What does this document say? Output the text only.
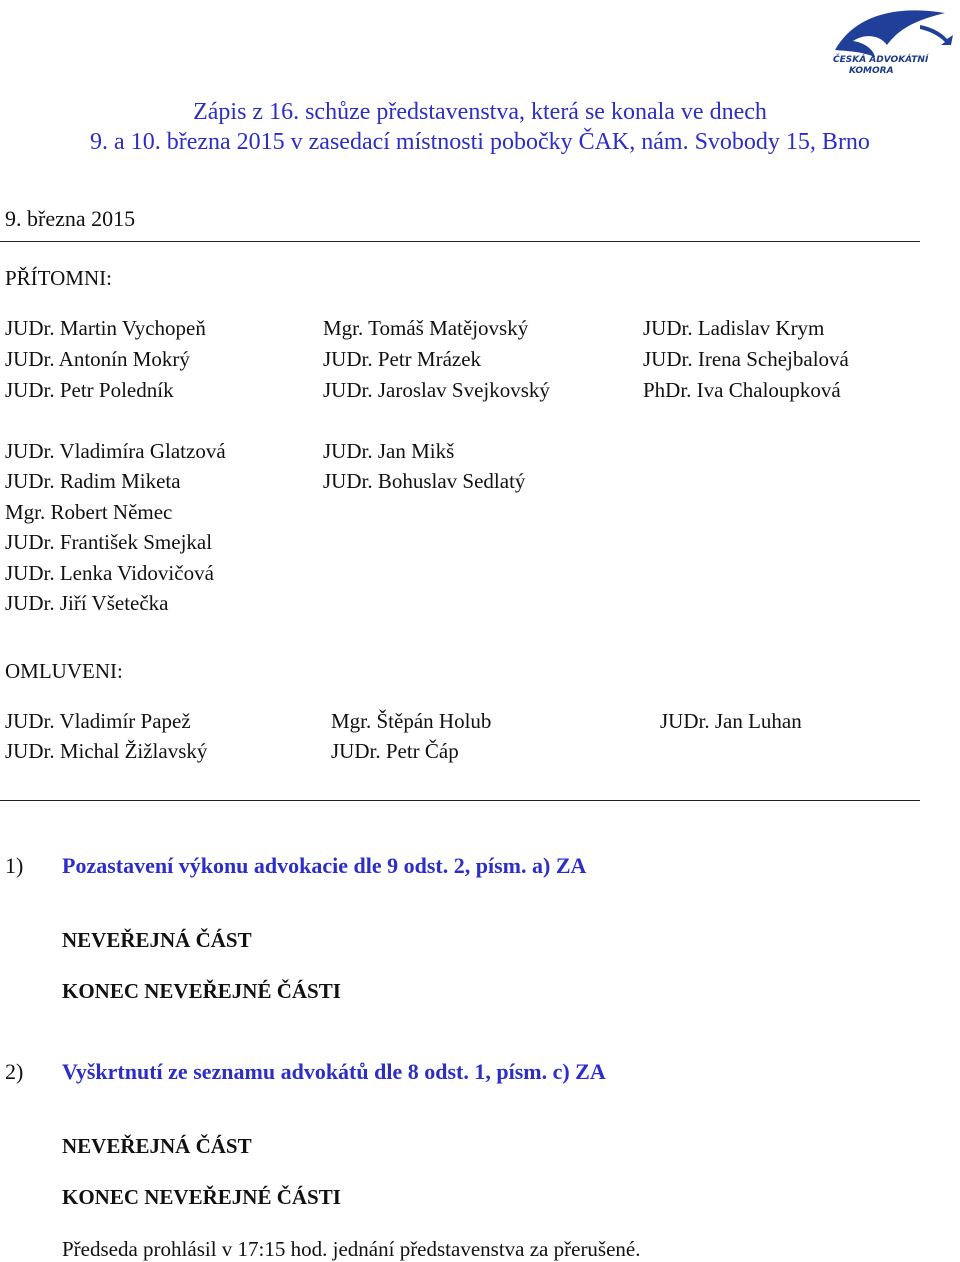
ČESKÁ ADVOKÁTNÍ
KOMORA
Zápis z 16. schůze představenstva, která se konala ve dnech
9. a 10. března 2015 v zasedací místnosti pobočky ČAK, nám. Svobody 15, Brno
9. března 2015
PŘÍTOMNI:
JUDr. Martin Vychopeň
JUDr. Antonín Mokrý
JUDr. Petr Poledník
Mgr. Tomáš Matějovský
JUDr. Petr Mrázek
JUDr. Jaroslav Svejkovský
JUDr. Ladislav Krym
JUDr. Irena Schejbalová
PhDr. Iva Chaloupková
JUDr. Vladimíra Glatzová
JUDr. Radim Miketa
Mgr. Robert Němec
JUDr. František Smejkal
JUDr. Lenka Vidovičová
JUDr. Jiří Všetečka
JUDr. Jan Mikš
JUDr. Bohuslav Sedlatý
OMLUVENI:
JUDr. Vladimír Papež
JUDr. Michal Žižlavský
Mgr. Štěpán Holub
JUDr. Petr Čáp
JUDr. Jan Luhan
1) Pozastavení výkonu advokacie dle 9 odst. 2, písm. a) ZA
NEVEŘEJNÁ ČÁST
KONEC NEVEŘEJNÉ ČÁSTI
2) Vyškrtnutí ze seznamu advokátů dle 8 odst. 1, písm. c) ZA
NEVEŘEJNÁ ČÁST
KONEC NEVEŘEJNÉ ČÁSTI
Předseda prohlásil v 17:15 hod. jednání představenstva za přerušené.
